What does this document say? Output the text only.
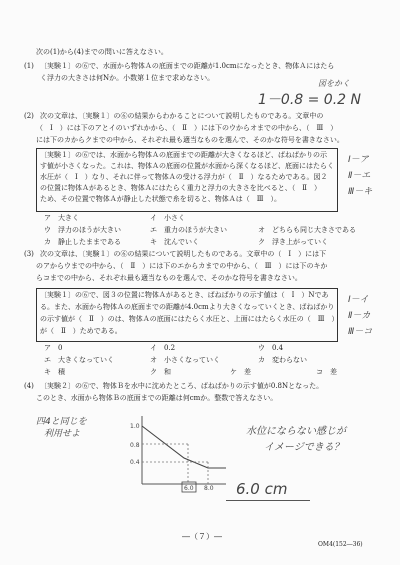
次の(1)から(4)までの問いに答えなさい。
(1) 〔実験１〕の⑥で、水面から物体Ａの底面までの距離が1.0cmになったとき、物体Ａにはたら
く浮力の大きさは何Nか。小数第１位まで求めなさい。
図をかく
1－0.8 = 0.2 N
(2) 次の文章は、〔実験１〕の⑥の結果からわかることについて説明したものである。文章中の
（　Ⅰ　）には下のアとイのいずれかから、（　Ⅱ　）には下のウからオまでの中から、（　Ⅲ　）
には下のカからクまでの中から、それぞれ最も適当なものを選んで、そのかな符号を書きなさい。
〔実験１〕の⑥では、水面から物体Ａの底面までの距離が大きくなるほど、ばねばかりの示
す値が小さくなった。これは、物体Ａの底面の位置が水面から深くなるほど、底面にはたらく
水圧が（　Ⅰ　）なり、それに伴って物体Ａの受ける浮力が（　Ⅱ　）なるためである。図２
の位置に物体Ａがあるとき、物体Ａにはたらく重力と浮力の大きさを比べると、（　Ⅱ　）
ため、その位置で物体Ａが静止した状態で糸を切ると、物体Ａは（　Ⅲ　）。
ア　大きく	イ　小さく
ウ　浮力のほうが大きい	エ　重力のほうが大きい	オ　どちらも同じ大きさである
カ　静止したままである	キ　沈んでいく	ク　浮き上がっていく
Ⅰ－ア
Ⅱ－エ
Ⅲ－キ
(3) 次の文章は、〔実験１〕の⑥の結果について説明したものである。文章中の（　Ⅰ　）には下
のアからウまでの中から、（　Ⅱ　）には下のエからカまでの中から、（　Ⅲ　）には下のキか
らコまでの中から、それぞれ最も適当なものを選んで、そのかな符号を書きなさい。
〔実験１〕の⑥で、図３の位置に物体Ａがあるとき、ばねばかりの示す値は（　Ⅰ　）Nであ
る。また、水面から物体Ａの底面までの距離が4.0cmより大きくなっていくとき、ばねばかり
の示す値が（　Ⅱ　）のは、物体Ａの底面にはたらく水圧と、上面にはたらく水圧の（　Ⅲ　）
が（　Ⅱ　）ためである。
ア　0	イ　0.2	ウ　0.4
エ　大きくなっていく	オ　小さくなっていく	カ　変わらない
キ　積	ク　和	ケ　差	コ　差
Ⅰ－イ
Ⅱ－カ
Ⅲ－コ
(4) 〔実験２〕の⑥で、物体Ｂを水中に沈めたところ、ばねばかりの示す値が0.8Nとなった。
このとき、水面から物体Ｂの底面までの距離は何cmか。整数で答えなさい。
四4と同じを
利用せよ	水位にならない感じが
イメージできる？
1.0
0.8
0.4
6.0 8.0 6.0 cm
―（７）―
OM4(152―36)
